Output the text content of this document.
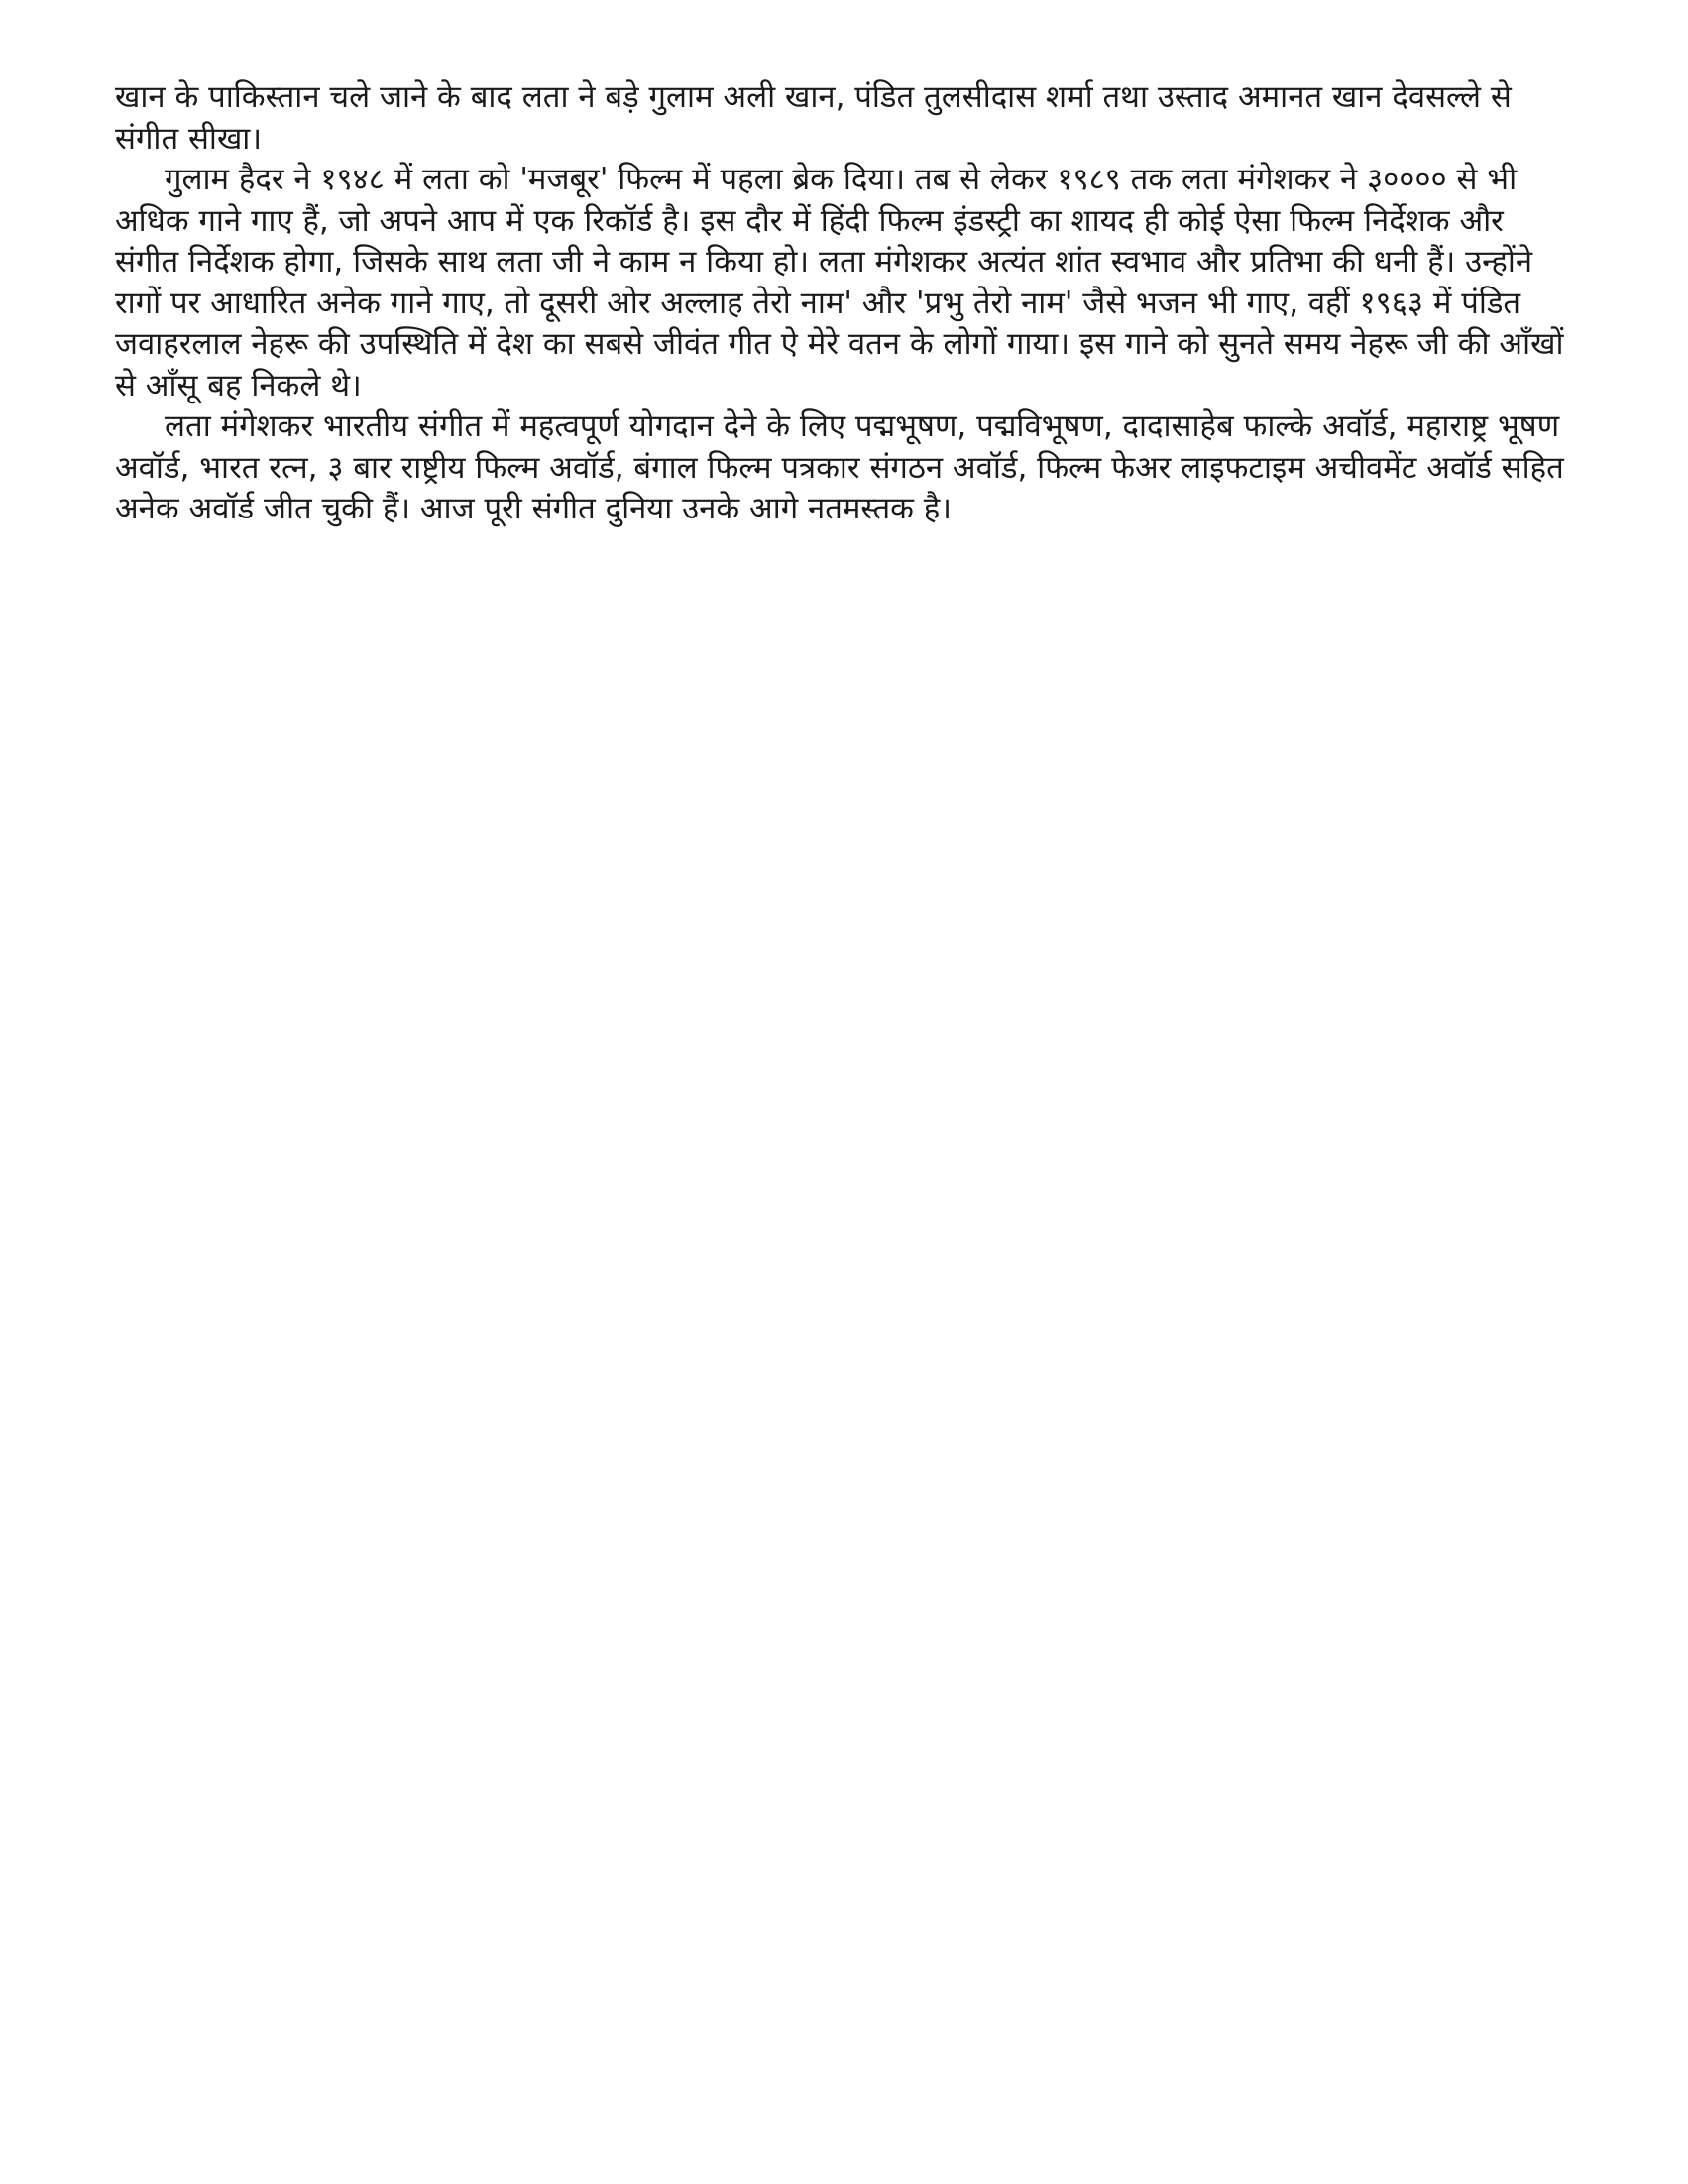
खान के पाकिस्तान चले जाने के बाद लता ने बड़े गुलाम अली खान, पंडित तुलसीदास शर्मा तथा उस्ताद अमानत खान देवसल्ले से संगीत सीखा।

गुलाम हैदर ने १९४८ में लता को 'मजबूर' फिल्म में पहला ब्रेक दिया। तब से लेकर १९८९ तक लता मंगेशकर ने ३०००० से भी अधिक गाने गाए हैं, जो अपने आप में एक रिकॉर्ड है। इस दौर में हिंदी फिल्म इंडस्ट्री का शायद ही कोई ऐसा फिल्म निर्देशक और संगीत निर्देशक होगा, जिसके साथ लता जी ने काम न किया हो। लता मंगेशकर अत्यंत शांत स्वभाव और प्रतिभा की धनी हैं। उन्होंने रागों पर आधारित अनेक गाने गाए, तो दूसरी ओर अल्लाह तेरो नाम' और 'प्रभु तेरो नाम' जैसे भजन भी गाए, वहीं १९६३ में पंडित जवाहरलाल नेहरू की उपस्थिति में देश का सबसे जीवंत गीत ऐ मेरे वतन के लोगों गाया। इस गाने को सुनते समय नेहरू जी की आँखों से आँसू बह निकले थे।

लता मंगेशकर भारतीय संगीत में महत्वपूर्ण योगदान देने के लिए पद्मभूषण, पद्मविभूषण, दादासाहेब फाल्के अवॉर्ड, महाराष्ट्र भूषण अवॉर्ड, भारत रत्न, ३ बार राष्ट्रीय फिल्म अवॉर्ड, बंगाल फिल्म पत्रकार संगठन अवॉर्ड, फिल्म फेअर लाइफटाइम अचीवमेंट अवॉर्ड सहित अनेक अवॉर्ड जीत चुकी हैं। आज पूरी संगीत दुनिया उनके आगे नतमस्तक है।
